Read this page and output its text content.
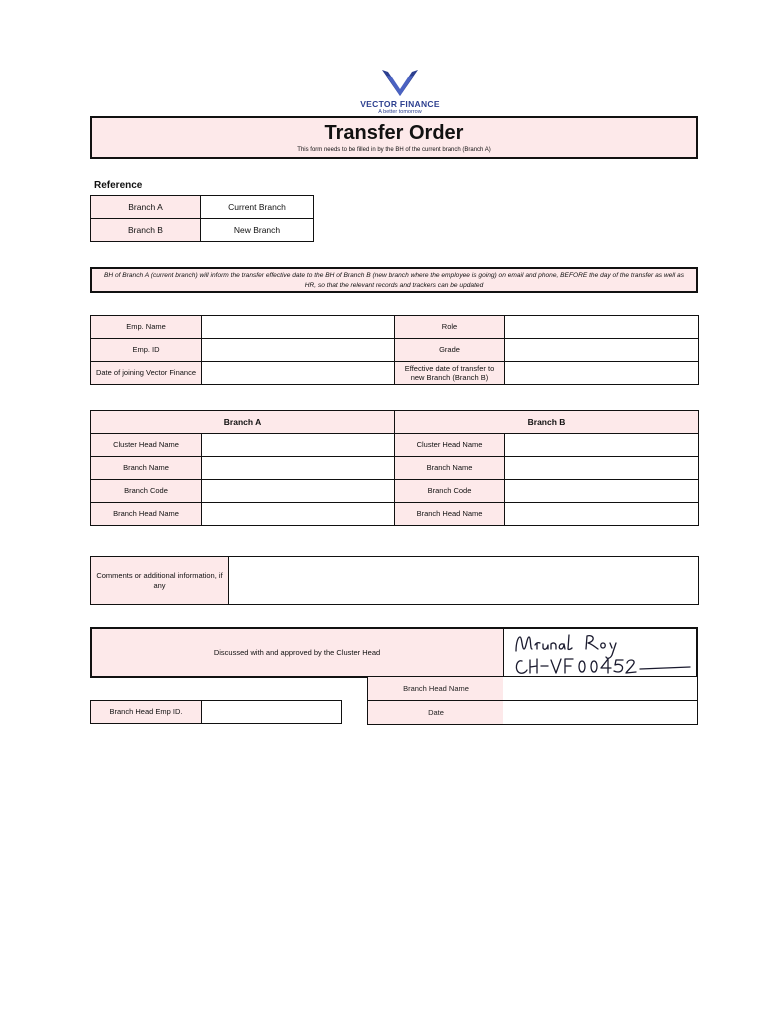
VECTOR FINANCE
A better tomorrow
Transfer Order
This form needs to be filled in by the BH of the current branch (Branch A)
Reference
Branch A	Current Branch
Branch B	New Branch
BH of Branch A (current branch) will inform the transfer effective date to the BH of Branch B (new branch where the employee is going) on email and phone, BEFORE the day of the transfer as well as HR, so that the relevant records and trackers can be updated
Emp. Name		Role	
Emp. ID		Grade	
Date of joining Vector Finance		Effective date of transfer to new Branch (Branch B)	
Branch A		Branch B	
Cluster Head Name		Cluster Head Name	
Branch Name		Branch Name	
Branch Code		Branch Code	
Branch Head Name		Branch Head Name	
Comments or additional information, if any	
Discussed with and approved by the Cluster Head
Branch Head Name
Date
Branch Head Emp ID.	
